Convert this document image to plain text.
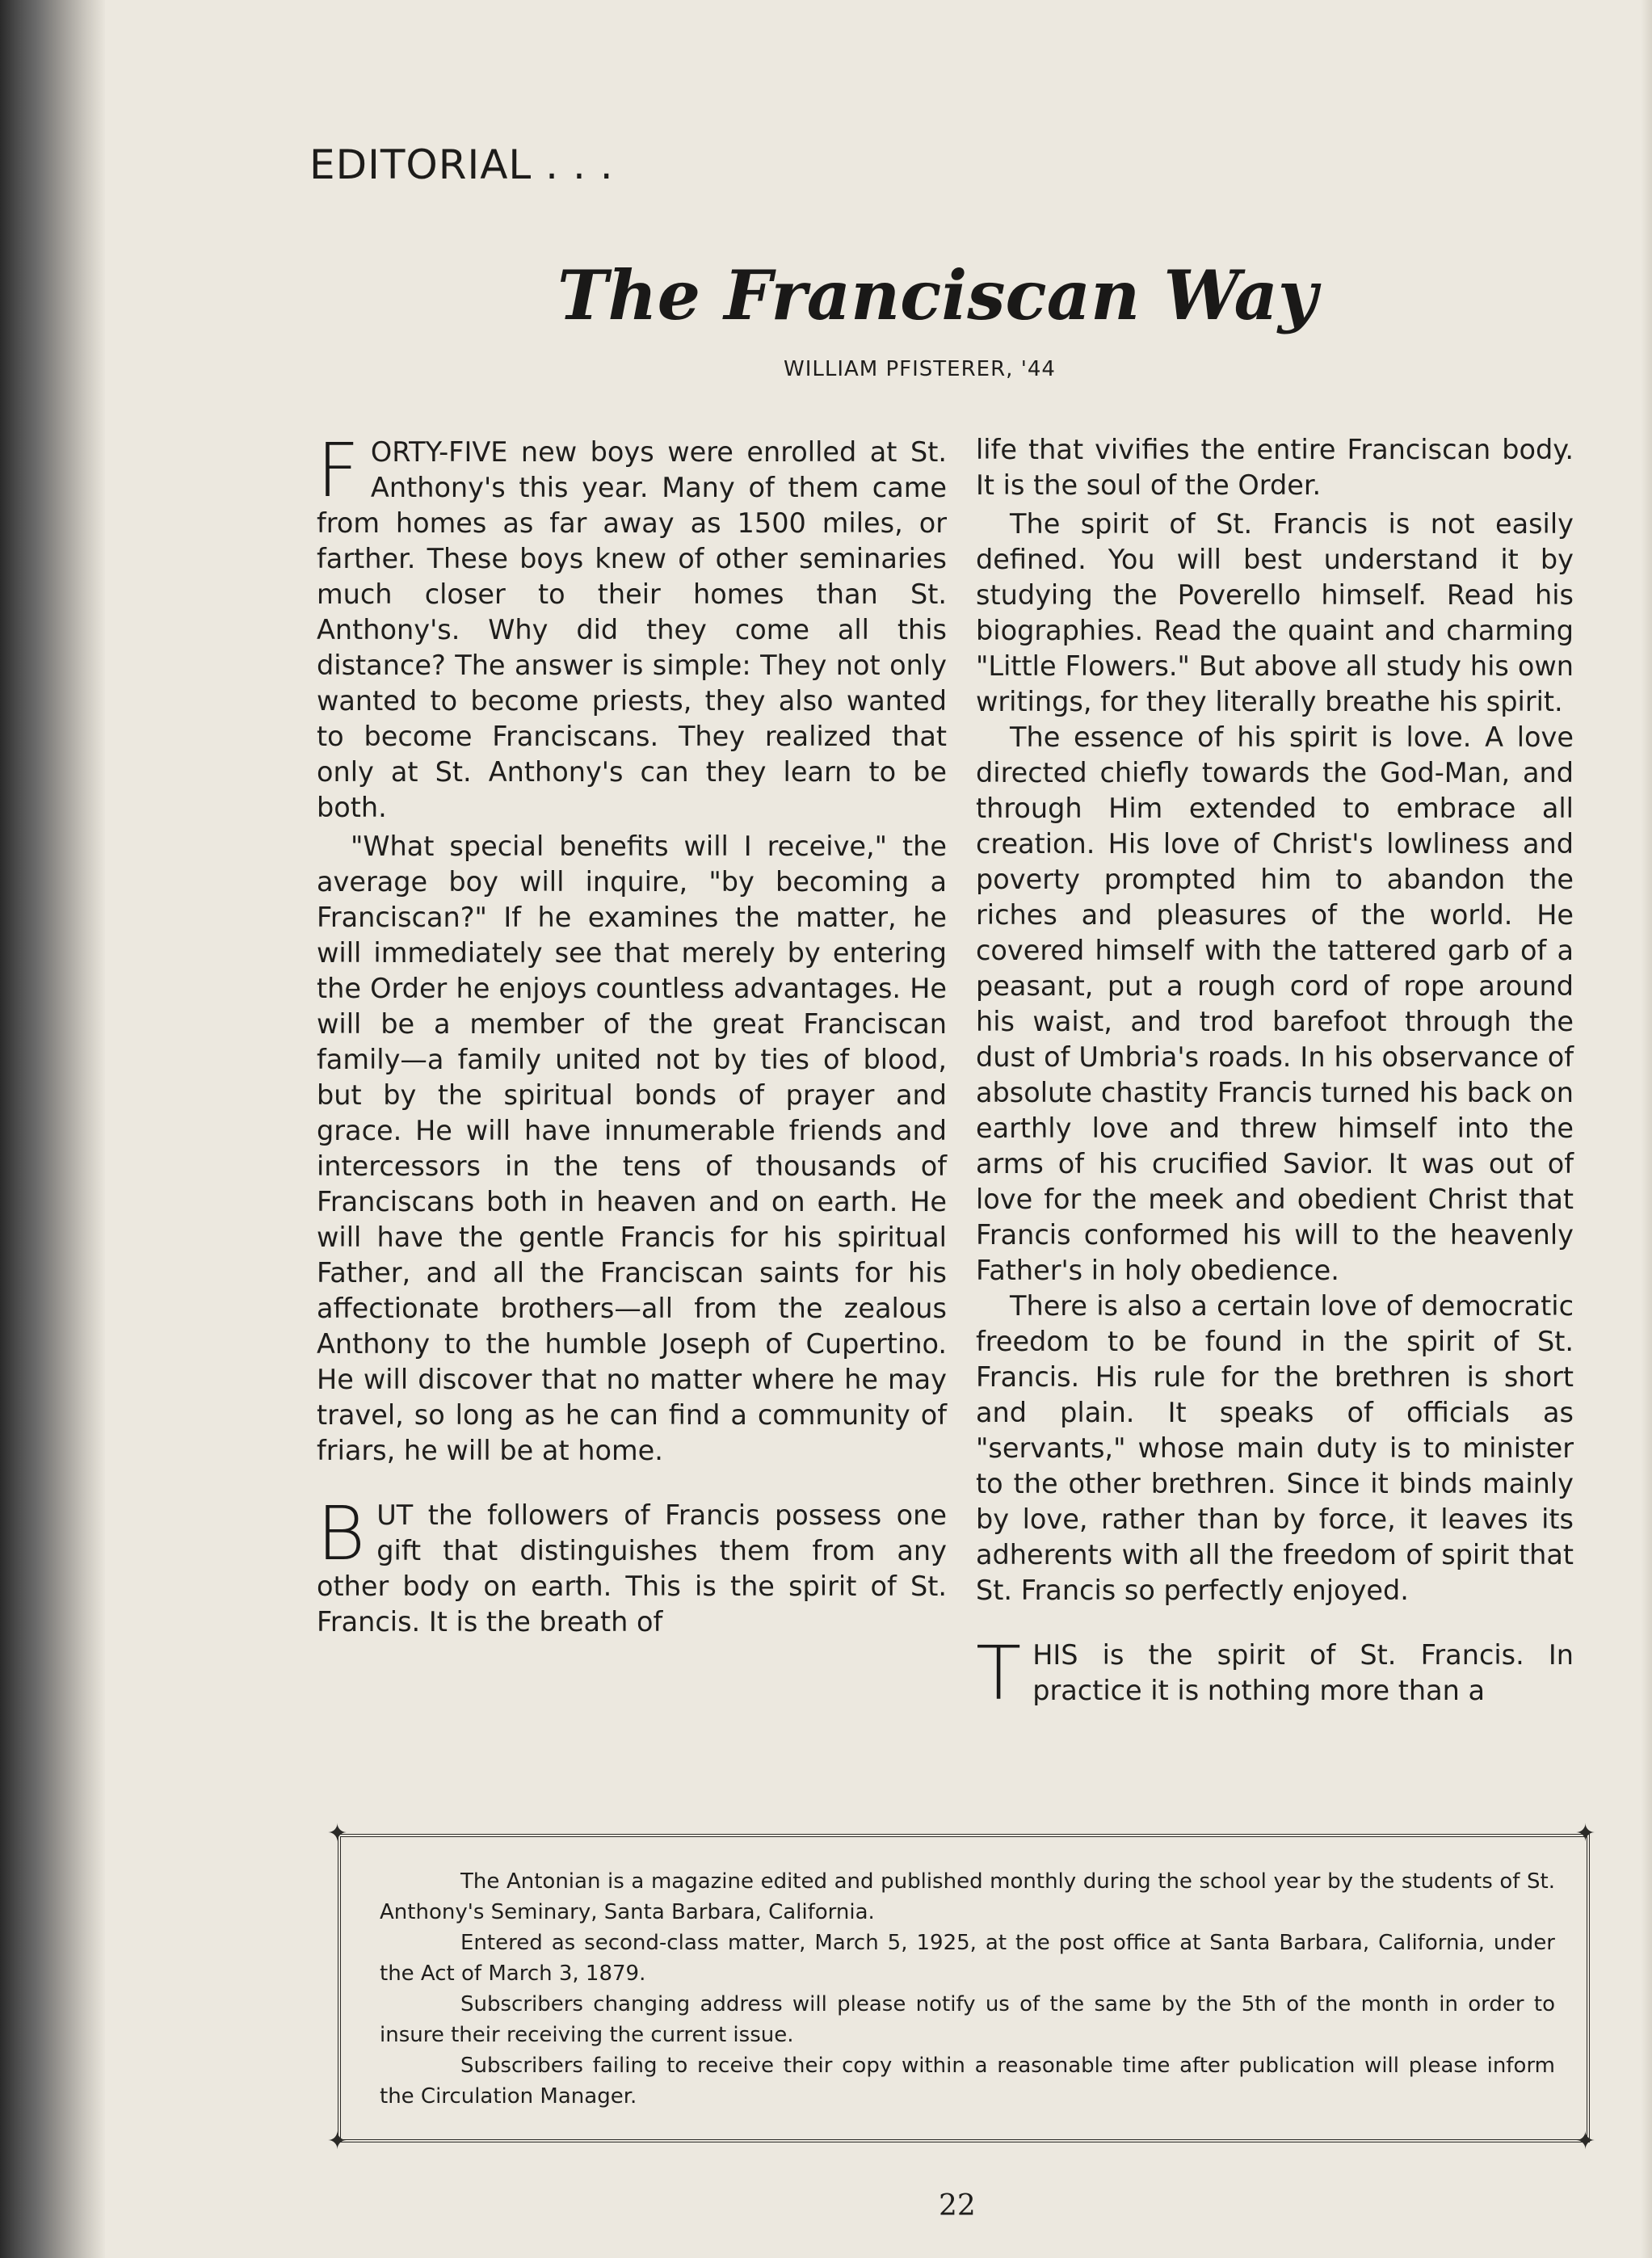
EDITORIAL . . .
The Franciscan Way
WILLIAM PFISTERER, '44

FORTY-FIVE new boys were enrolled at St. Anthony's this year. Many of them came from homes as far away as 1500 miles, or farther. These boys knew of other seminaries much closer to their homes than St. Anthony's. Why did they come all this distance? The answer is simple: They not only wanted to become priests, they also wanted to become Franciscans. They realized that only at St. Anthony's can they learn to be both.

"What special benefits will I receive," the average boy will inquire, "by becoming a Franciscan?" If he examines the matter, he will immediately see that merely by entering the Order he enjoys countless advantages. He will be a member of the great Franciscan family—a family united not by ties of blood, but by the spiritual bonds of prayer and grace. He will have innumerable friends and intercessors in the tens of thousands of Franciscans both in heaven and on earth. He will have the gentle Francis for his spiritual Father, and all the Franciscan saints for his affectionate brothers—all from the zealous Anthony to the humble Joseph of Cupertino. He will discover that no matter where he may travel, so long as he can find a community of friars, he will be at home.

BUT the followers of Francis possess one gift that distinguishes them from any other body on earth. This is the spirit of St. Francis. It is the breath of

life that vivifies the entire Franciscan body. It is the soul of the Order.

The spirit of St. Francis is not easily defined. You will best understand it by studying the Poverello himself. Read his biographies. Read the quaint and charming "Little Flowers." But above all study his own writings, for they literally breathe his spirit.

The essence of his spirit is love. A love directed chiefly towards the God-Man, and through Him extended to embrace all creation. His love of Christ's lowliness and poverty prompted him to abandon the riches and pleasures of the world. He covered himself with the tattered garb of a peasant, put a rough cord of rope around his waist, and trod barefoot through the dust of Umbria's roads. In his observance of absolute chastity Francis turned his back on earthly love and threw himself into the arms of his crucified Savior. It was out of love for the meek and obedient Christ that Francis conformed his will to the heavenly Father's in holy obedience.

There is also a certain love of democratic freedom to be found in the spirit of St. Francis. His rule for the brethren is short and plain. It speaks of officials as "servants," whose main duty is to minister to the other brethren. Since it binds mainly by love, rather than by force, it leaves its adherents with all the freedom of spirit that St. Francis so perfectly enjoyed.

THIS is the spirit of St. Francis. In practice it is nothing more than a

✦	✦
✦	✦

The Antonian is a magazine edited and published monthly during the school year by the students of St. Anthony's Seminary, Santa Barbara, California.

Entered as second-class matter, March 5, 1925, at the post office at Santa Barbara, California, under the Act of March 3, 1879.

Subscribers changing address will please notify us of the same by the 5th of the month in order to insure their receiving the current issue.

Subscribers failing to receive their copy within a reasonable time after publication will please inform the Circulation Manager.

22
